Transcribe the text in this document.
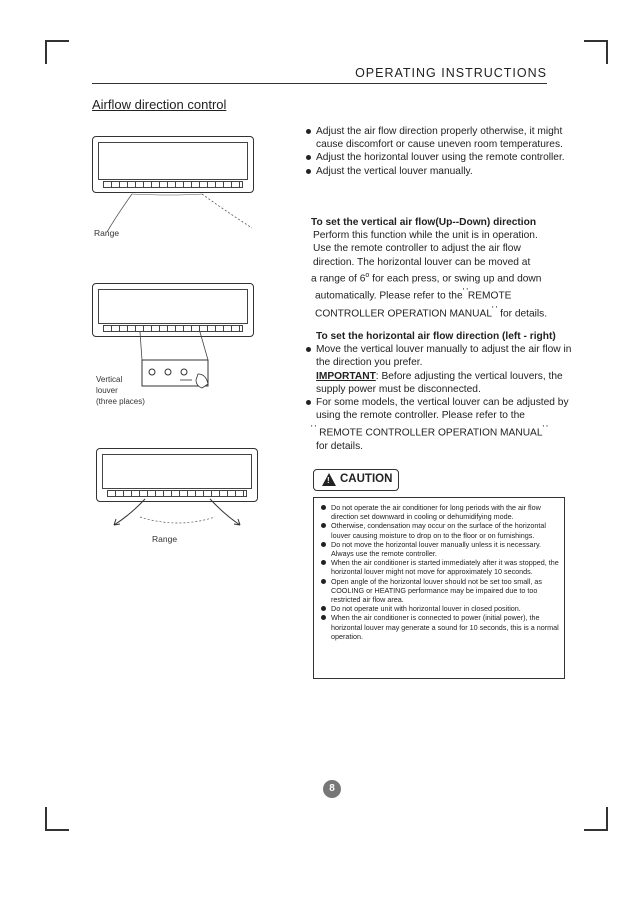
OPERATING INSTRUCTIONS
Airflow direction control
Range
Vertical
louver
(three places)
Range
Adjust the air flow direction properly otherwise, it might cause discomfort or cause uneven room temperatures.
Adjust the horizontal louver using the remote controller.
Adjust the vertical louver manually.
To set the vertical air flow(Up--Down) direction
Perform this function while the unit is in operation.
Use the remote controller to adjust the air flow
direction. The horizontal louver can be moved at
a range of 6$^o$ for each press, or swing up and down
automatically. Please refer to the' 'REMOTE
CONTROLLER OPERATION MANUAL' ' for details.
To set the horizontal air flow direction (left - right)
Move the vertical louver manually to adjust the air flow in the direction you prefer.
IMPORTANT: Before adjusting the vertical louvers, the supply power must be disconnected.
For some models, the vertical louver can be adjusted by using the remote controller. Please refer to the
' ' REMOTE CONTROLLER OPERATION MANUAL' '
for details.
! CAUTION
Do not operate the air conditioner for long periods with the air flow direction set downward in cooling or dehumidifying mode.
Otherwise, condensation may occur on the surface of the horizontal louver causing moisture to drop on to the floor or on furnishings.
Do not move the horizontal louver manually unless it is necessary. Always use the remote controller.
When the air conditioner is started immediately after it was stopped, the horizontal louver might not move for approximately 10 seconds.
Open angle of the horizontal louver should not be set too small, as COOLING or HEATING performance may be impaired due to too restricted air flow area.
Do not operate unit with horizontal louver in closed position.
When the air conditioner is connected to power (initial power), the horizontal louver may generate a sound for 10 seconds, this is a normal operation.
8
